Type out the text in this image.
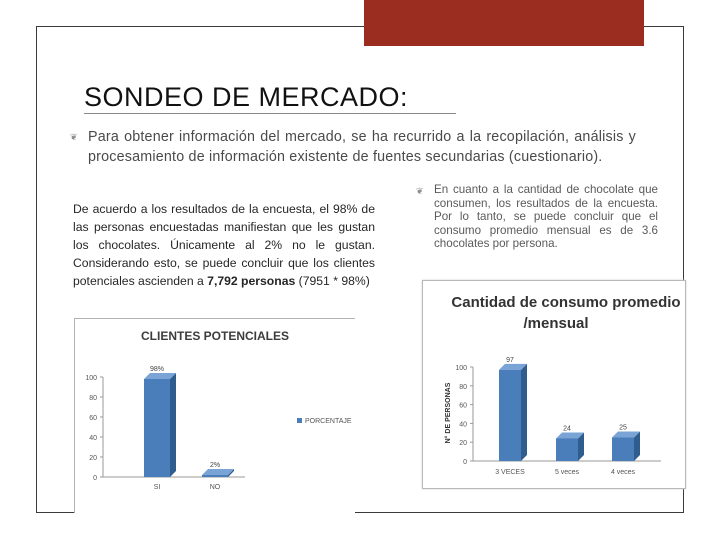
SONDEO DE MERCADO:
❦ Para obtener información del mercado, se ha recurrido a la recopilación, análisis y procesamiento de información existente de fuentes secundarias (cuestionario).
De acuerdo a los resultados de la encuesta, el 98% de las personas encuestadas manifiestan que les gustan los chocolates. Únicamente al 2% no le gustan. Considerando esto, se puede concluir que los clientes potenciales ascienden a 7,792 personas (7951 * 98%)
❦ En cuanto a la cantidad de chocolate que consumen, los resultados de la encuesta. Por lo tanto, se puede concluir que el consumo promedio mensual es de 3.6 chocolates por persona.
CLIENTES POTENCIALES
0
20
40
60
80
100
98%
SI
2%
NO
PORCENTAJE
Cantidad de consumo promedio
/mensual
N° DE PERSONAS
0
20
40
60
80
100
97
3 VECES
24
5 veces
25
4 veces
